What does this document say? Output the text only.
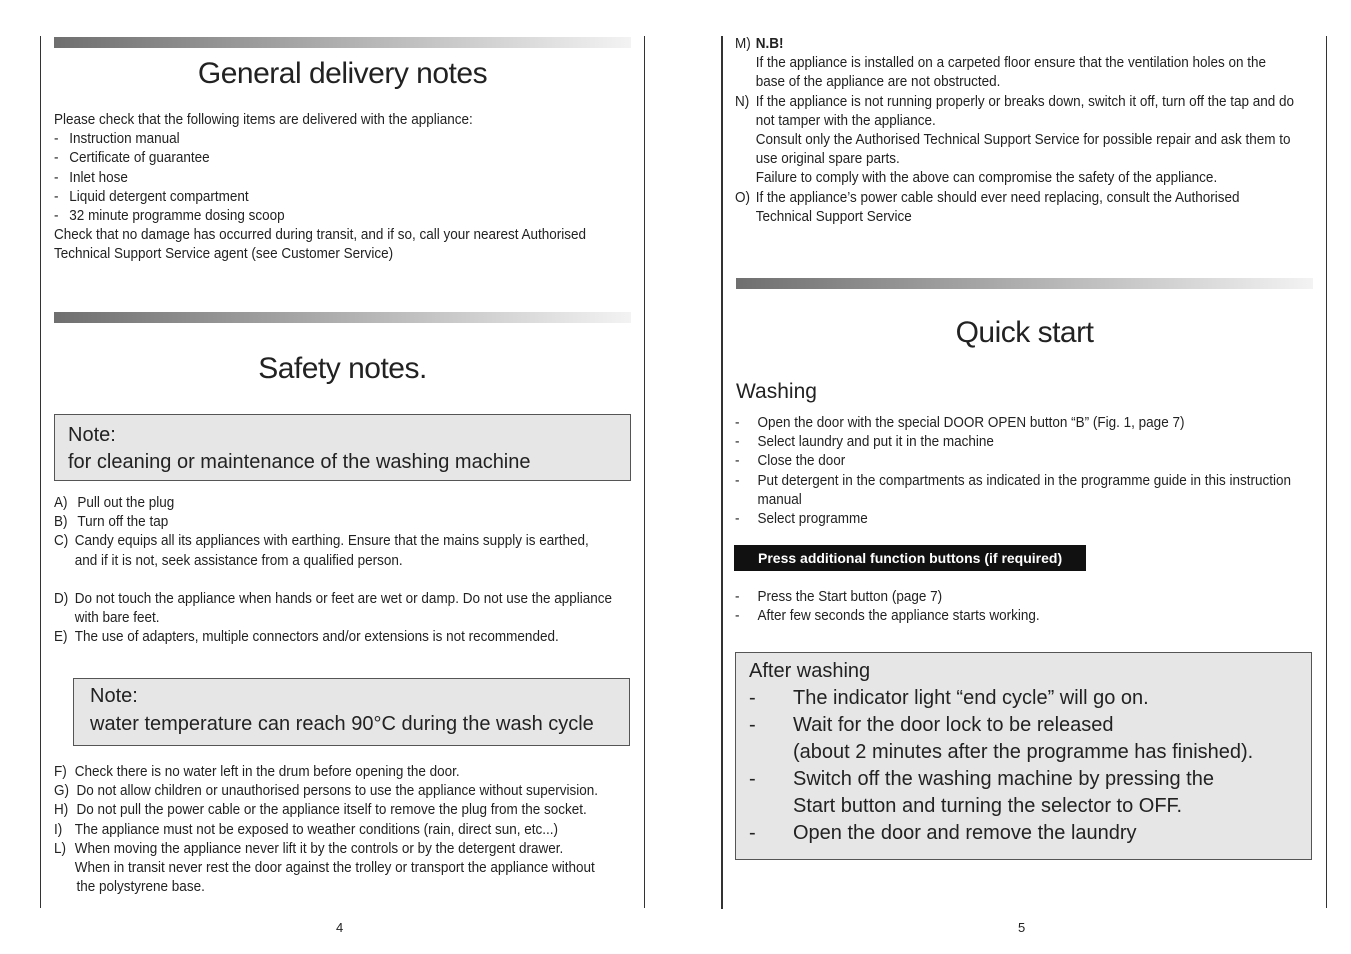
General delivery notes
Please check that the following items are delivered with the appliance:
- Instruction manual
- Certificate of guarantee
- Inlet hose
- Liquid detergent compartment
- 32 minute programme dosing scoop
Check that no damage has occurred during transit, and if so, call your nearest Authorised
Technical Support Service agent (see Customer Service)
Safety notes.
Note:
for cleaning or maintenance of the washing machine
A) Pull out the plug
B) Turn off the tap
C) Candy equips all its appliances with earthing. Ensure that the mains supply is earthed,
and if it is not, seek assistance from a qualified person.
D) Do not touch the appliance when hands or feet are wet or damp. Do not use the appliance
with bare feet.
E) The use of adapters, multiple connectors and/or extensions is not recommended.
Note:
water temperature can reach 90°C during the wash cycle
F) Check there is no water left in the drum before opening the door.
G) Do not allow children or unauthorised persons to use the appliance without supervision.
H) Do not pull the power cable or the appliance itself to remove the plug from the socket.
I) The appliance must not be exposed to weather conditions (rain, direct sun, etc...)
L) When moving the appliance never lift it by the controls or by the detergent drawer.
When in transit never rest the door against the trolley or transport the appliance without
the polystyrene base.
4
M) N.B!
If the appliance is installed on a carpeted floor ensure that the ventilation holes on the
base of the appliance are not obstructed.
N) If the appliance is not running properly or breaks down, switch it off, turn off the tap and do
not tamper with the appliance.
Consult only the Authorised Technical Support Service for possible repair and ask them to
use original spare parts.
Failure to comply with the above can compromise the safety of the appliance.
O) If the appliance’s power cable should ever need replacing, consult the Authorised
Technical Support Service
Quick start
Washing
- Open the door with the special DOOR OPEN button “B” (Fig. 1, page 7)
- Select laundry and put it in the machine
- Close the door
- Put detergent in the compartments as indicated in the programme guide in this instruction
manual
- Select programme
Press additional function buttons (if required)
- Press the Start button (page 7)
- After few seconds the appliance starts working.
After washing
- The indicator light “end cycle” will go on.
- Wait for the door lock to be released
(about 2 minutes after the programme has finished).
- Switch off the washing machine by pressing the
Start button and turning the selector to OFF.
- Open the door and remove the laundry
5
